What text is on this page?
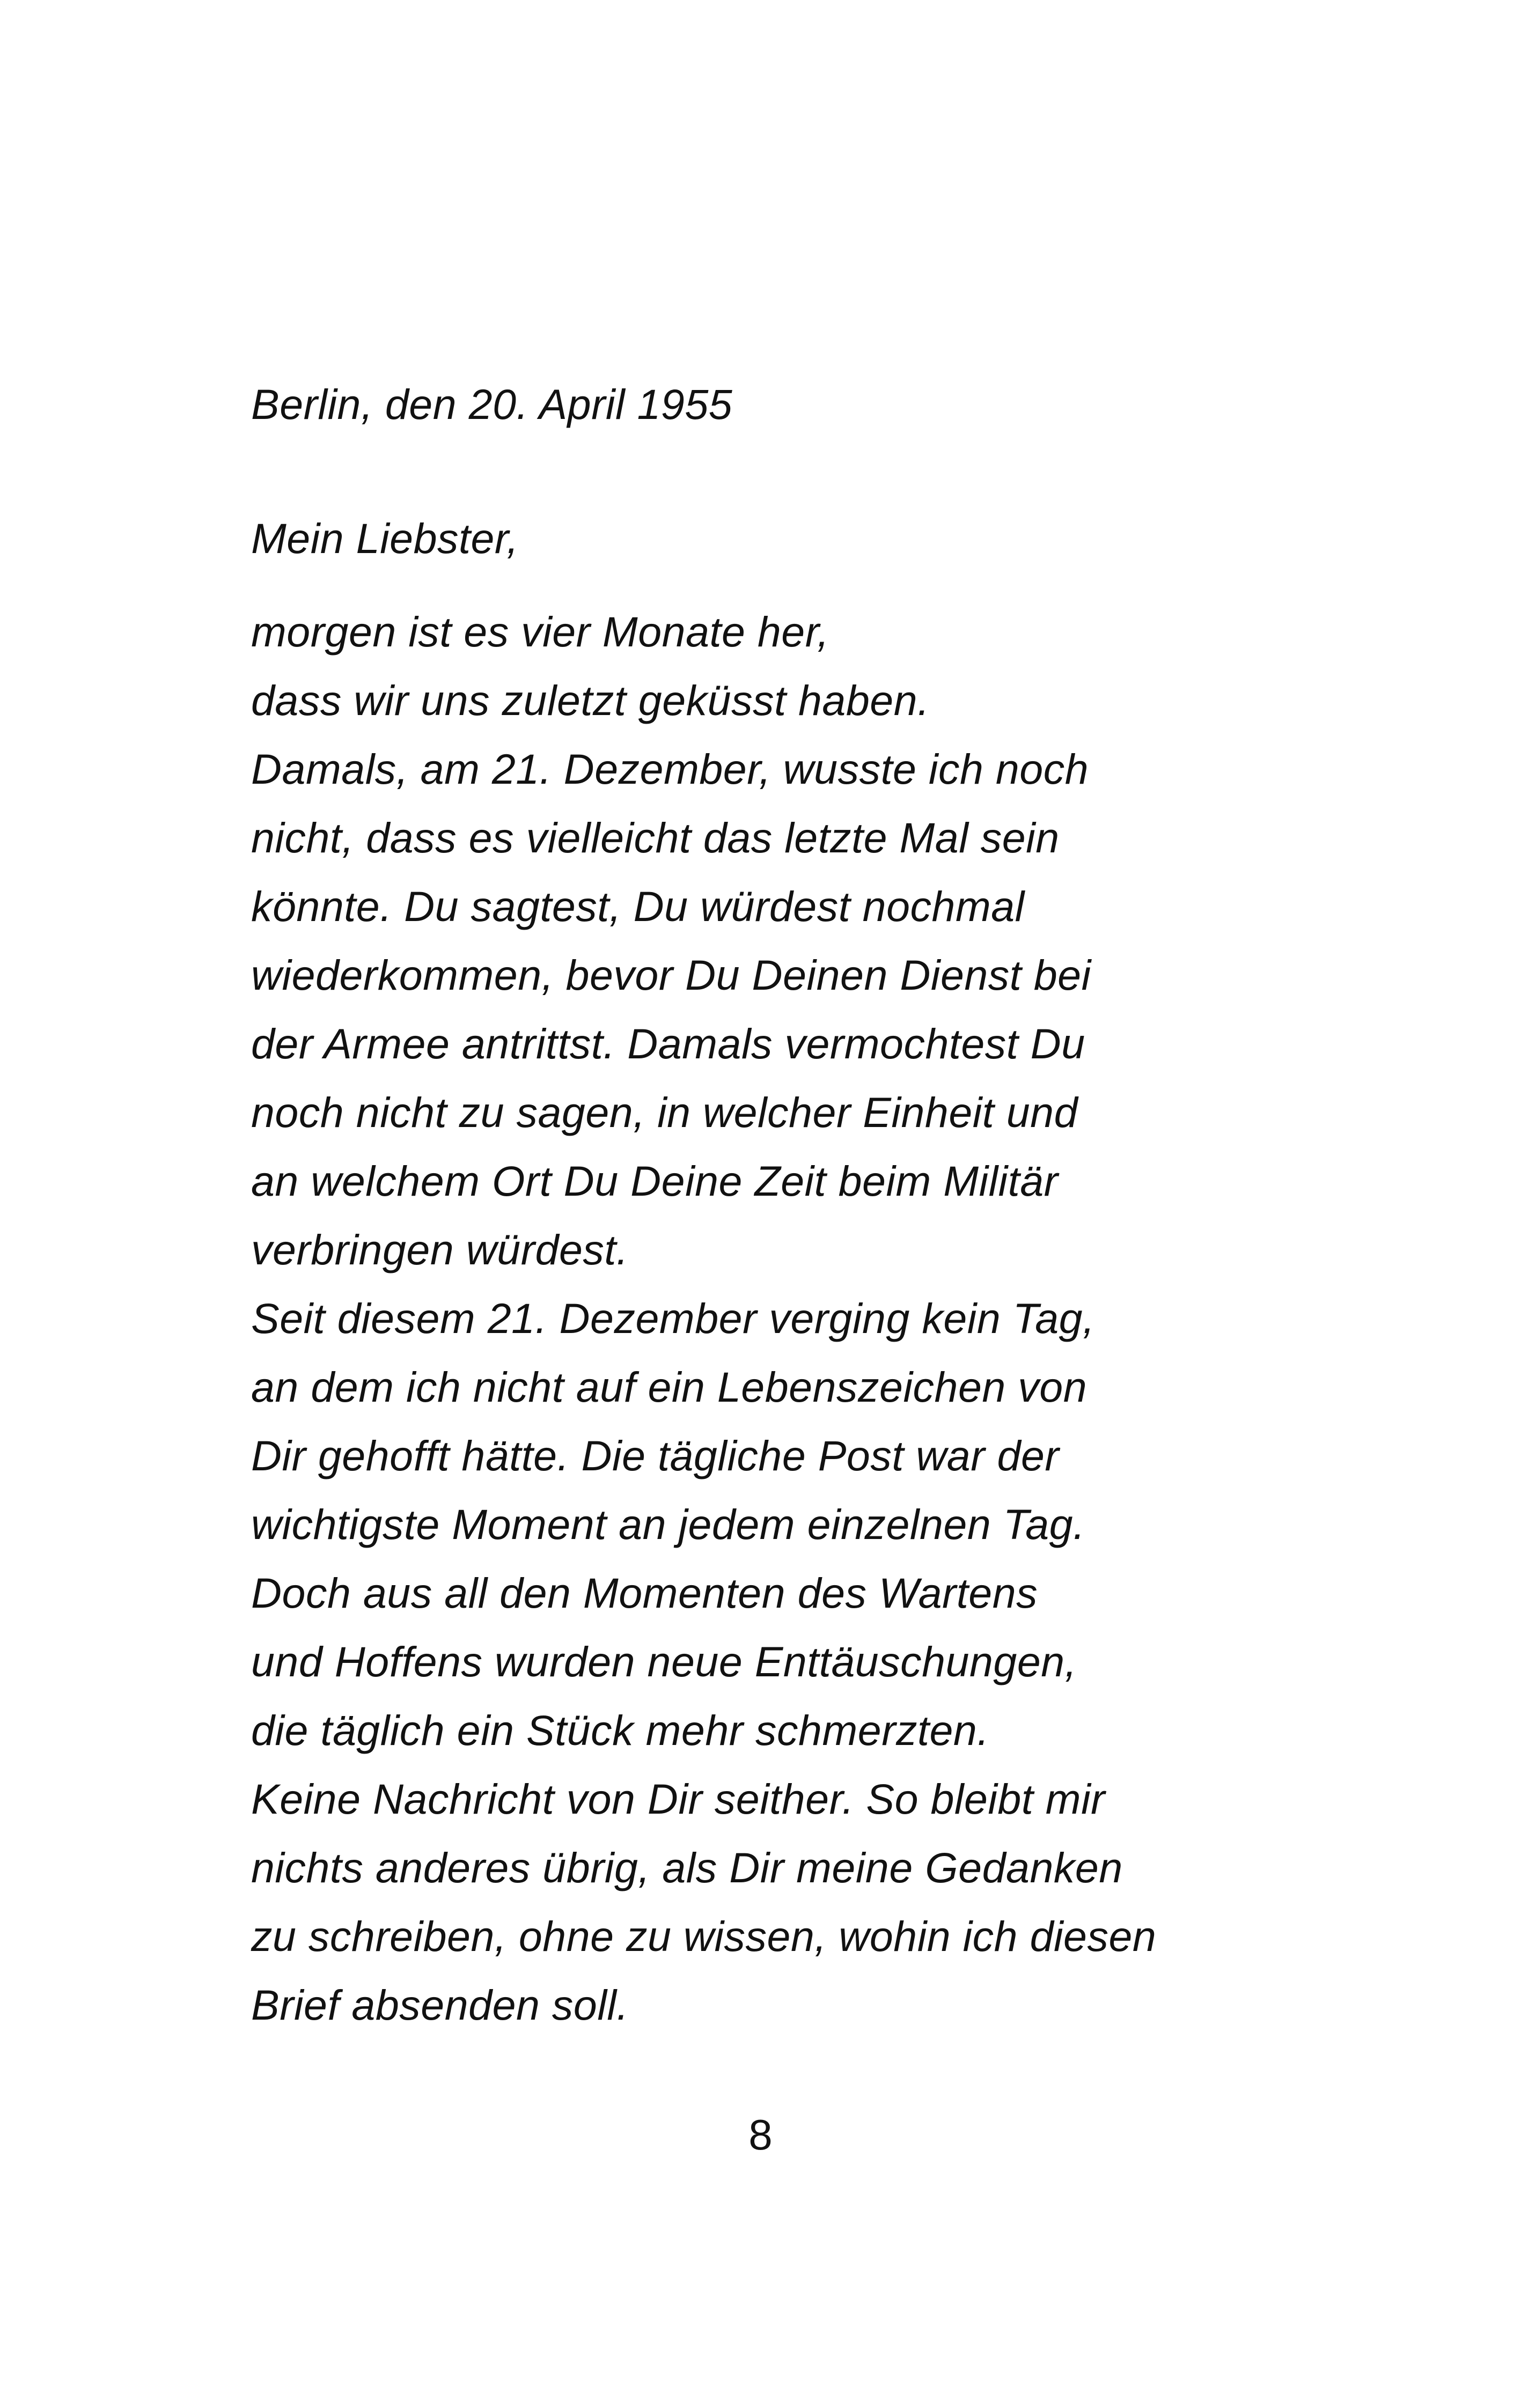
Berlin, den 20. April 1955
Mein Liebster,
morgen ist es vier Monate her,
dass wir uns zuletzt geküsst haben.
Damals, am 21. Dezember, wusste ich noch
nicht, dass es vielleicht das letzte Mal sein
könnte. Du sagtest, Du würdest nochmal
wiederkommen, bevor Du Deinen Dienst bei
der Armee antrittst. Damals vermochtest Du
noch nicht zu sagen, in welcher Einheit und
an welchem Ort Du Deine Zeit beim Militär
verbringen würdest.
Seit diesem 21. Dezember verging kein Tag,
an dem ich nicht auf ein Lebenszeichen von
Dir gehofft hätte. Die tägliche Post war der
wichtigste Moment an jedem einzelnen Tag.
Doch aus all den Momenten des Wartens
und Hoffens wurden neue Enttäuschungen,
die täglich ein Stück mehr schmerzten.
Keine Nachricht von Dir seither. So bleibt mir
nichts anderes übrig, als Dir meine Gedanken
zu schreiben, ohne zu wissen, wohin ich diesen
Brief absenden soll.
8
